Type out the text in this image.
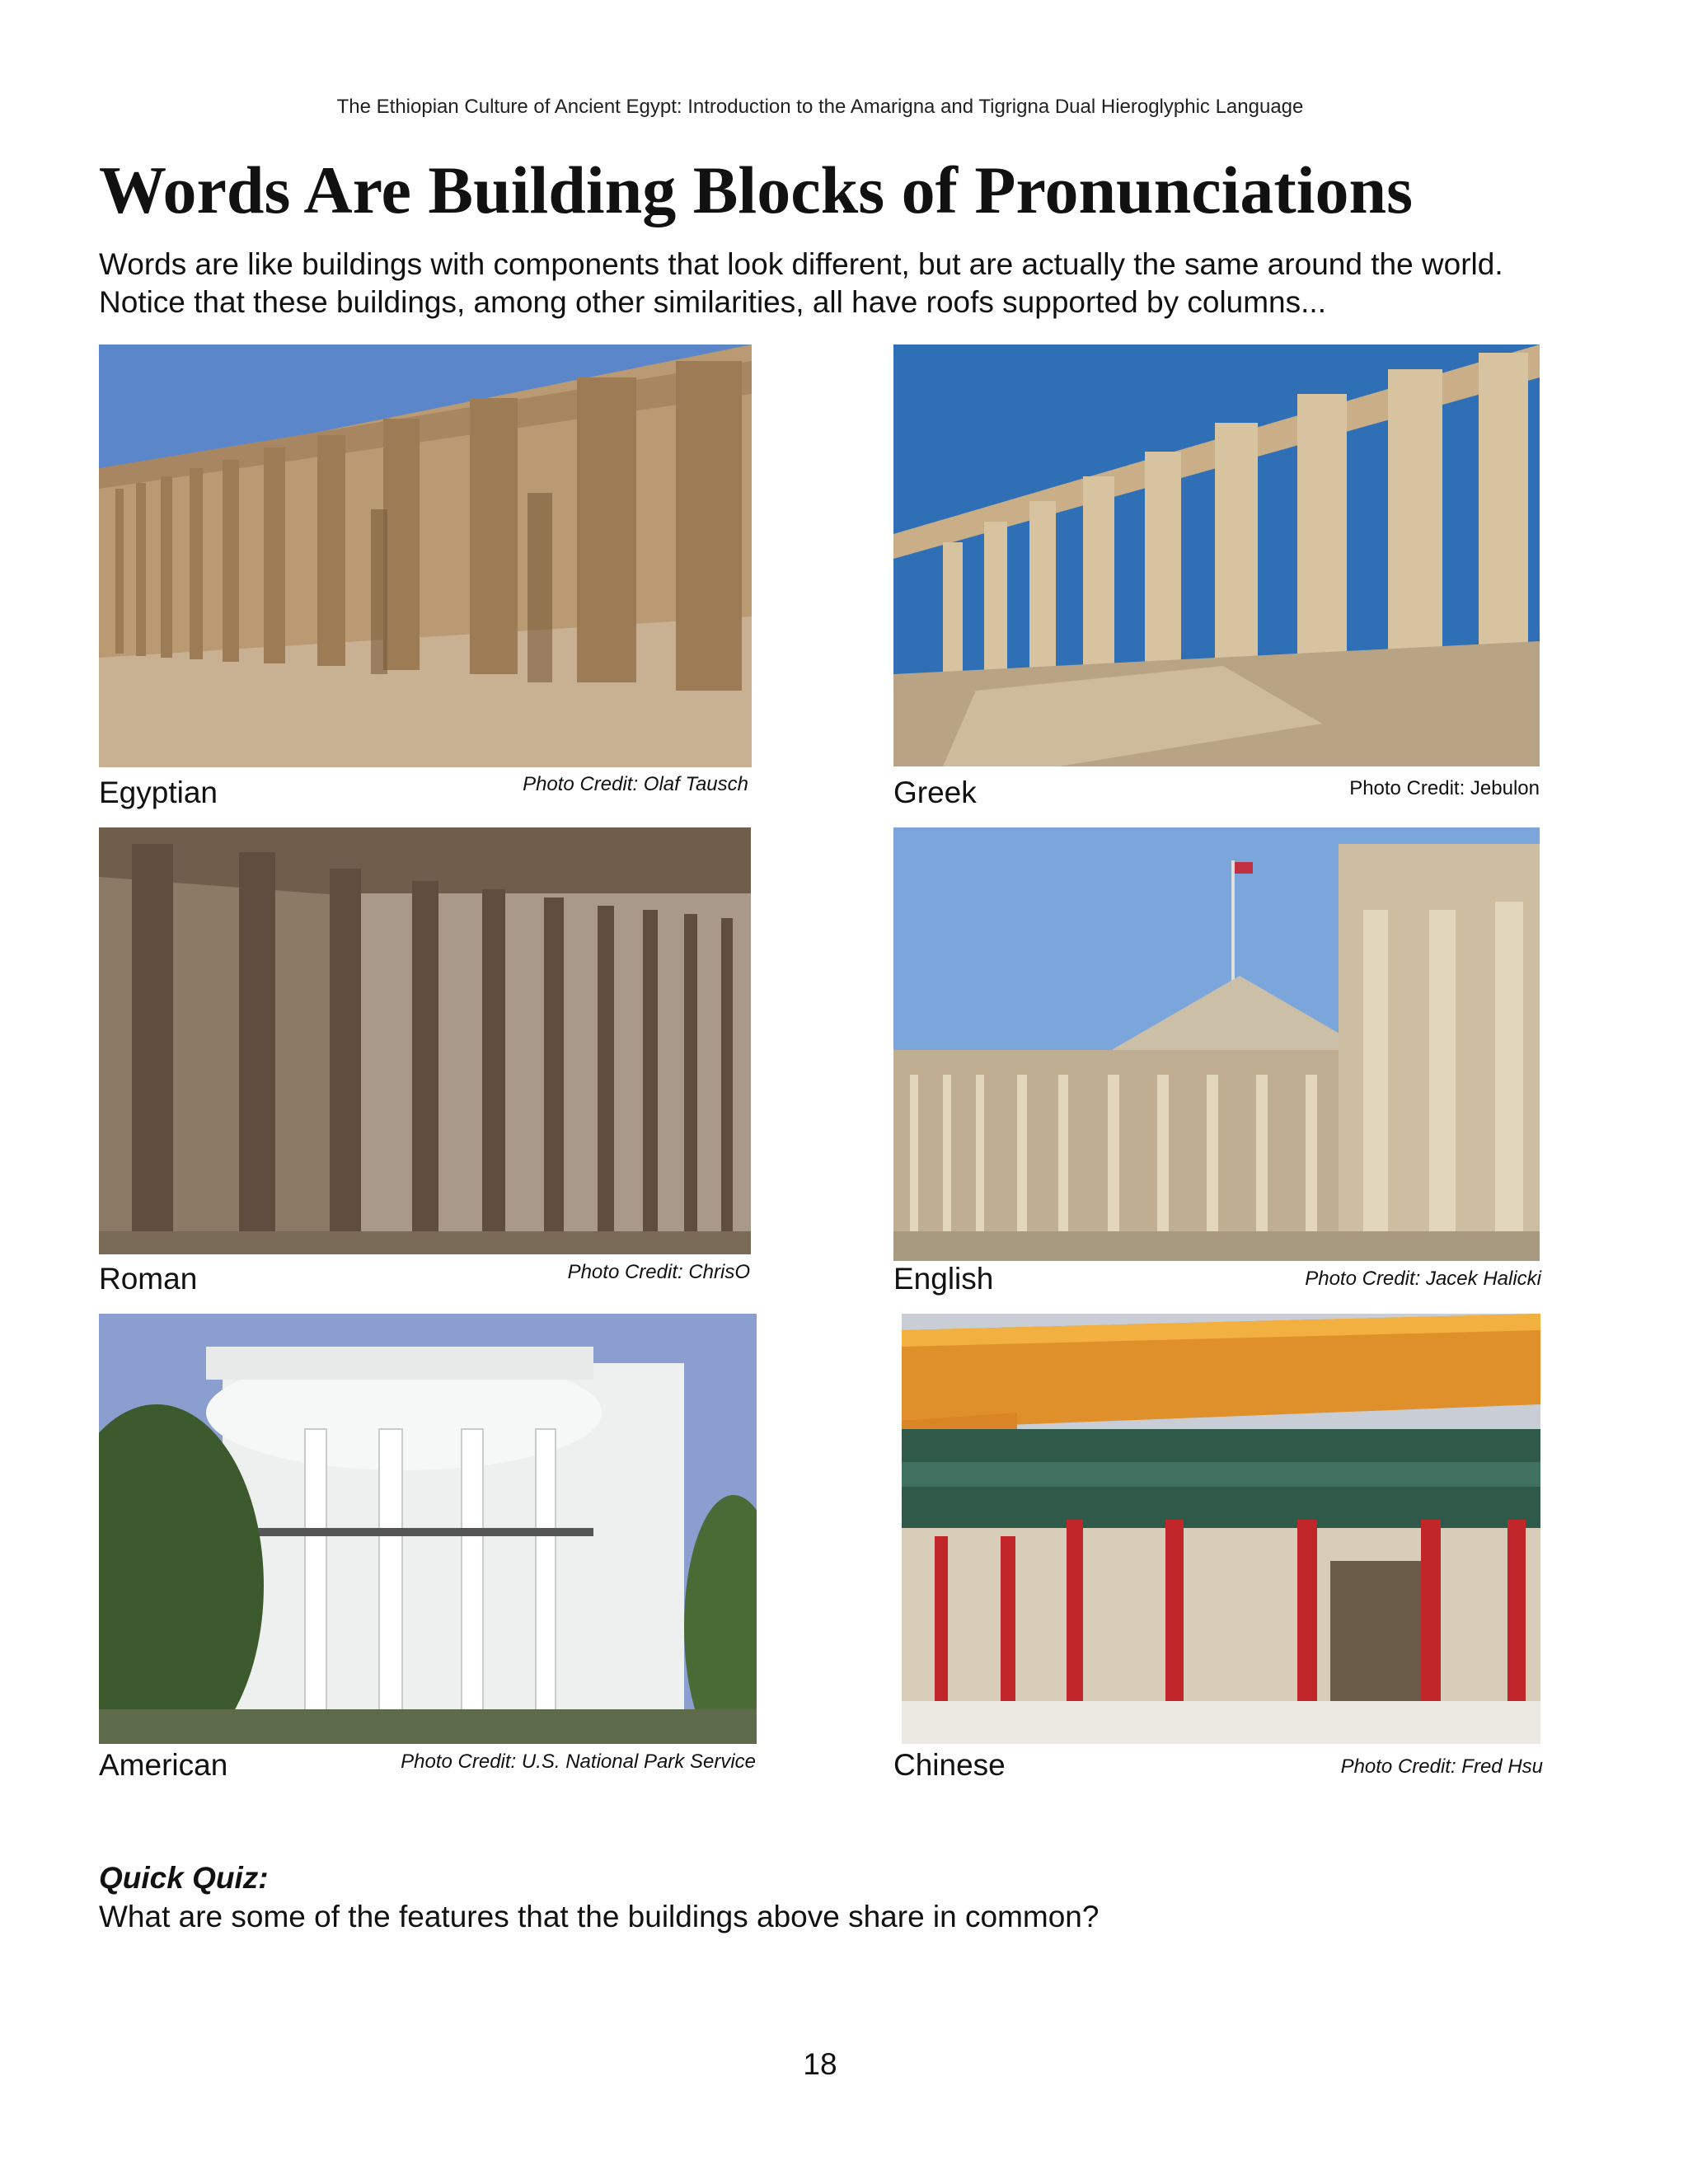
The Ethiopian Culture of Ancient Egypt: Introduction to the Amarigna and Tigrigna Dual Hieroglyphic Language
Words Are Building Blocks of Pronunciations

Words are like buildings with components that look different, but are actually the same around the world. Notice that these buildings, among other similarities, all have roofs supported by columns...

Egyptian	Photo Credit: Olaf Tausch	Greek	Photo Credit: Jebulon
Roman	Photo Credit: ChrisO	English	Photo Credit: Jacek Halicki
American	Photo Credit: U.S. National Park Service	Chinese	Photo Credit: Fred Hsu
Quick Quiz:
What are some of the features that the buildings above share in common?
18
